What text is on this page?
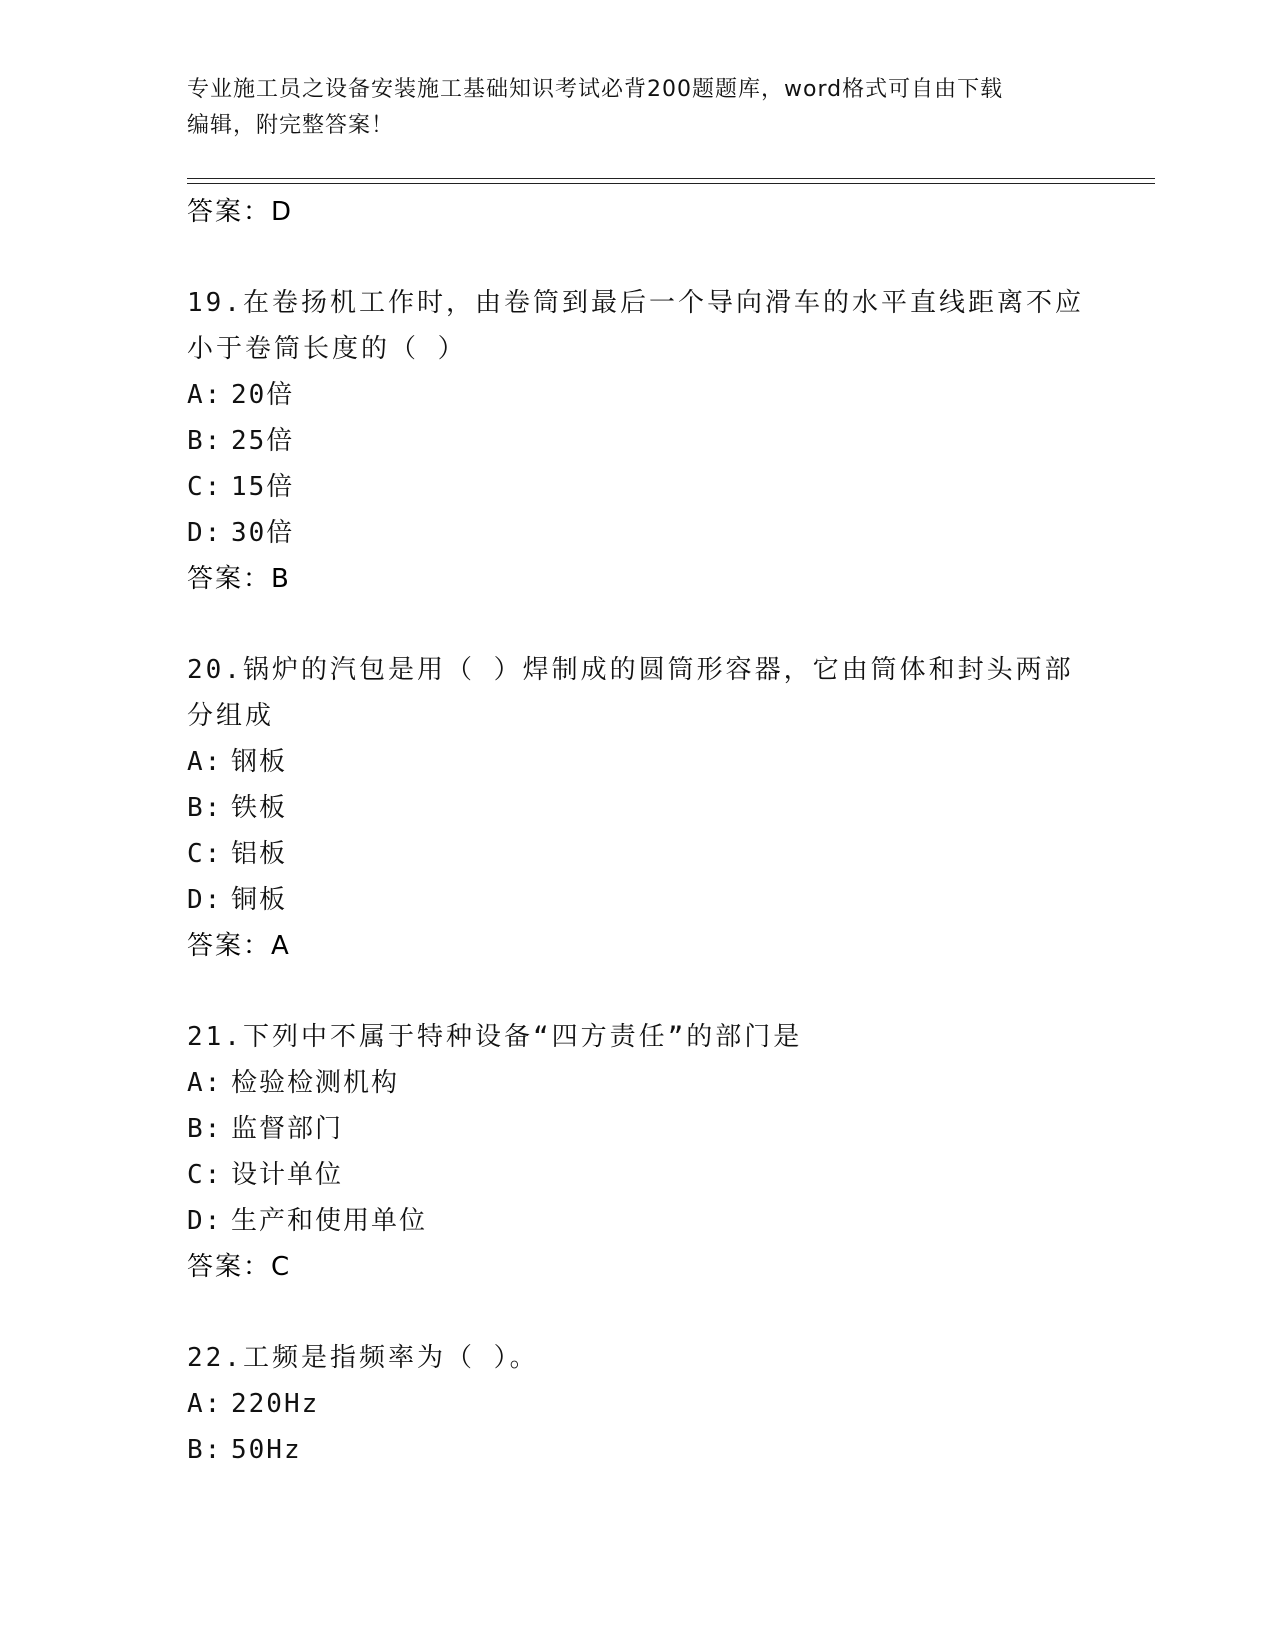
专业施工员之设备安装施工基础知识考试必背200题题库，word格式可自由下载
编辑，附完整答案！
答案：D
19.在卷扬机工作时，由卷筒到最后一个导向滑车的水平直线距离不应
小于卷筒长度的（ ）
A: 20倍
B: 25倍
C: 15倍
D: 30倍
答案：B
20.锅炉的汽包是用（ ）焊制成的圆筒形容器，它由筒体和封头两部
分组成
A: 钢板
B: 铁板
C: 铝板
D: 铜板
答案：A
21.下列中不属于特种设备“四方责任”的部门是
A: 检验检测机构
B: 监督部门
C: 设计单位
D: 生产和使用单位
答案：C
22.工频是指频率为（ ）。
A: 220Hz
B: 50Hz
